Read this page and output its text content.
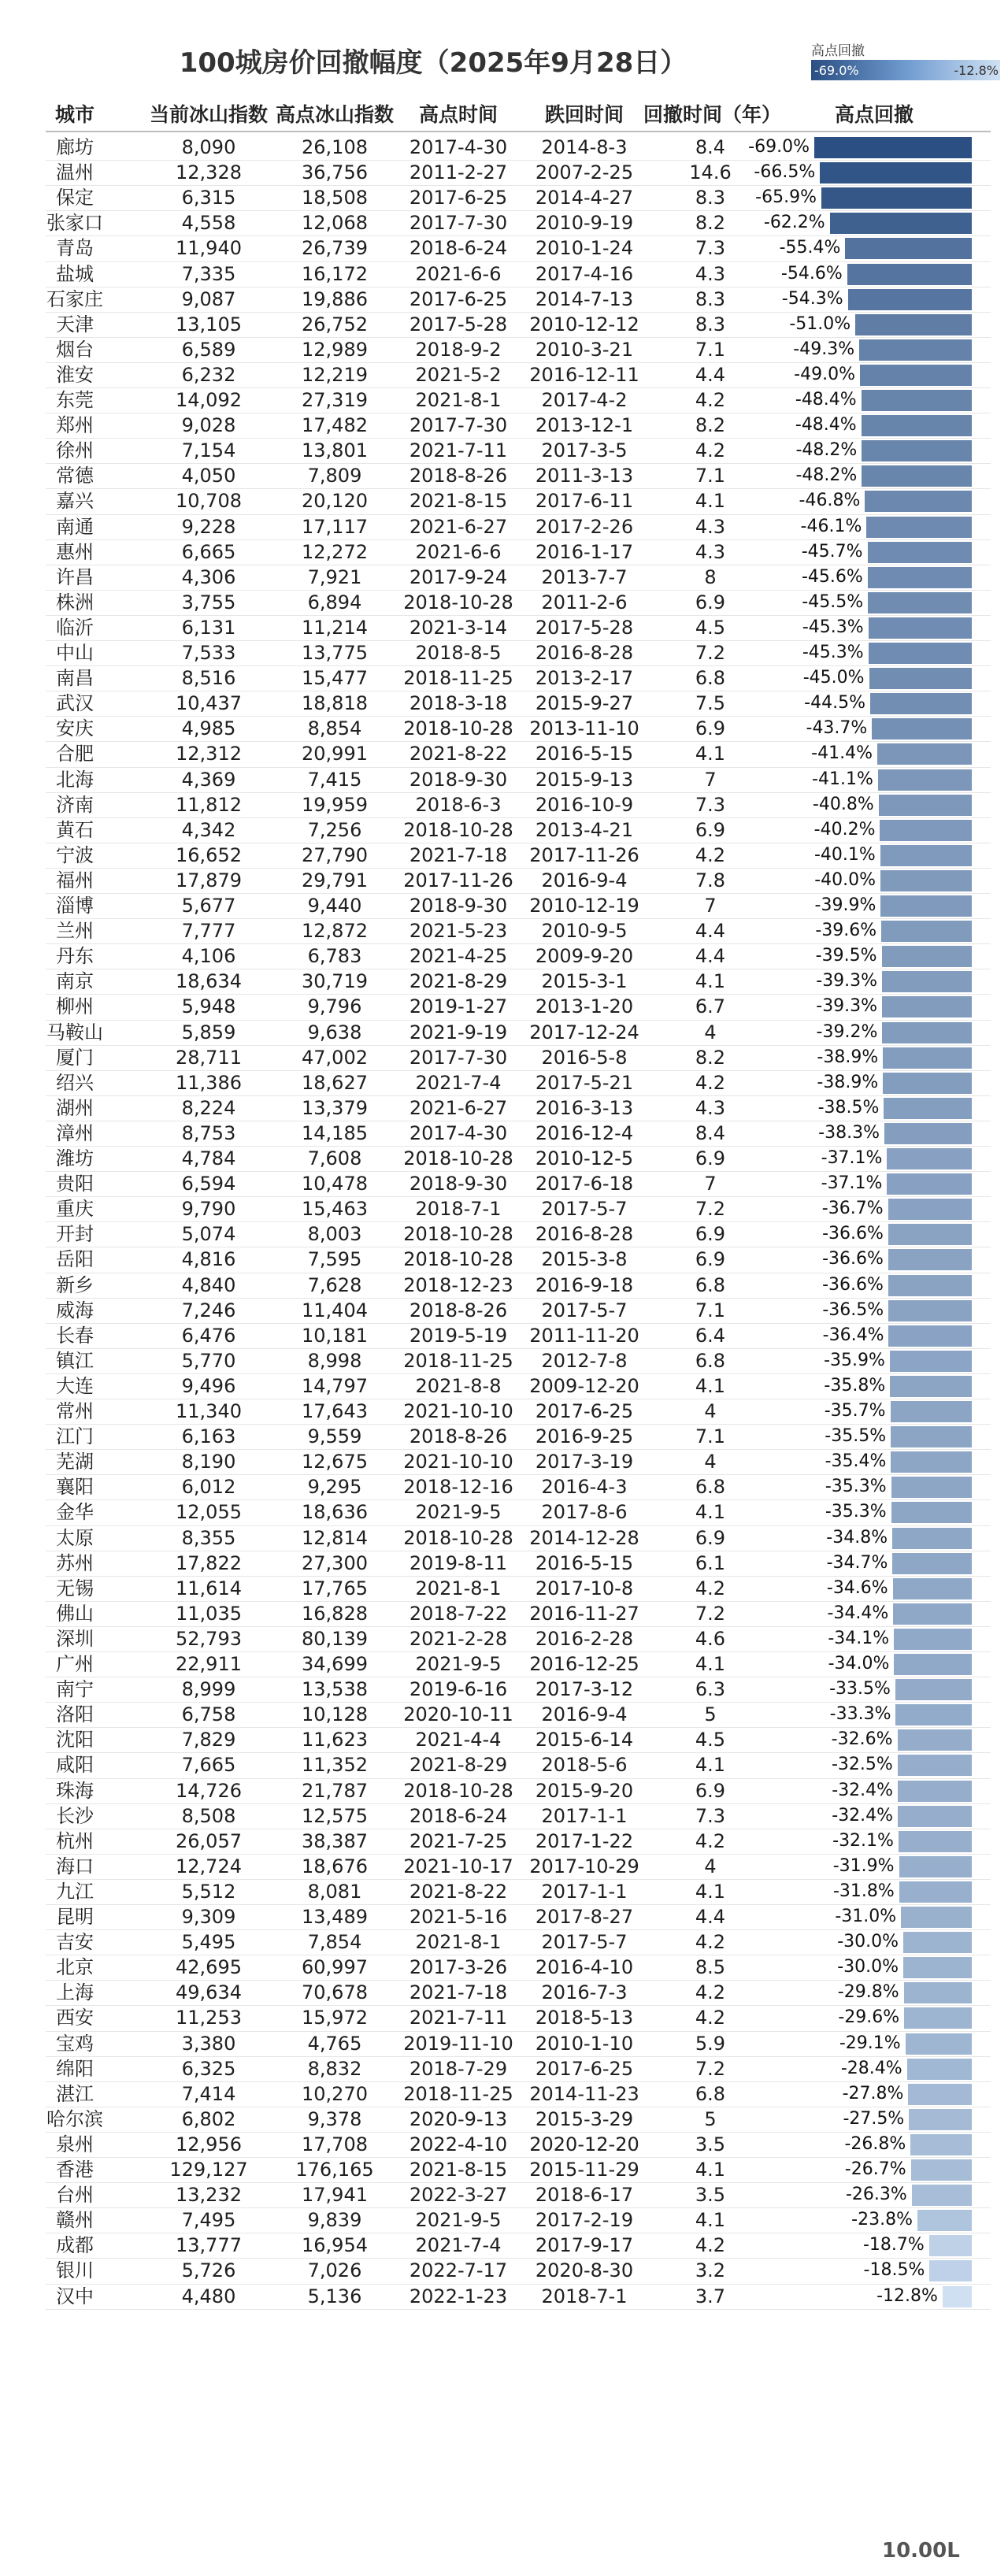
100城房价回撤幅度（2025年9月28日）	高点回撤
-69.0%	-12.8%
城市	当前冰山指数 高点冰山指数	高点时间	跌回时间	回撤时间（年）	高点回撤
廊坊	8,090	26,108	2017-4-30	2014-8-3	8.4	-69.0%
温州	12,328	36,756	2011-2-27	2007-2-25	14.6	-66.5%
保定	6,315	18,508	2017-6-25	2014-4-27	8.3	-65.9%
张家口	4,558	12,068	2017-7-30	2010-9-19	8.2	-62.2%
青岛	11,940	26,739	2018-6-24	2010-1-24	7.3	-55.4%
盐城	7,335	16,172	2021-6-6	2017-4-16	4.3	-54.6%
石家庄	9,087	19,886	2017-6-25	2014-7-13	8.3	-54.3%
天津	13,105	26,752	2017-5-28	2010-12-12	8.3	-51.0%
烟台	6,589	12,989	2018-9-2	2010-3-21	7.1	-49.3%
淮安	6,232	12,219	2021-5-2	2016-12-11	4.4	-49.0%
东莞	14,092	27,319	2021-8-1	2017-4-2	4.2	-48.4%
郑州	9,028	17,482	2017-7-30	2013-12-1	8.2	-48.4%
徐州	7,154	13,801	2021-7-11	2017-3-5	4.2	-48.2%
常德	4,050	7,809	2018-8-26	2011-3-13	7.1	-48.2%
嘉兴	10,708	20,120	2021-8-15	2017-6-11	4.1	-46.8%
南通	9,228	17,117	2021-6-27	2017-2-26	4.3	-46.1%
惠州	6,665	12,272	2021-6-6	2016-1-17	4.3	-45.7%
许昌	4,306	7,921	2017-9-24	2013-7-7	8	-45.6%
株洲	3,755	6,894	2018-10-28	2011-2-6	6.9	-45.5%
临沂	6,131	11,214	2021-3-14	2017-5-28	4.5	-45.3%
中山	7,533	13,775	2018-8-5	2016-8-28	7.2	-45.3%
南昌	8,516	15,477	2018-11-25	2013-2-17	6.8	-45.0%
武汉	10,437	18,818	2018-3-18	2015-9-27	7.5	-44.5%
安庆	4,985	8,854	2018-10-28 2013-11-10	6.9	-43.7%
合肥	12,312	20,991	2021-8-22	2016-5-15	4.1	-41.4%
北海	4,369	7,415	2018-9-30	2015-9-13	7	-41.1%
济南	11,812	19,959	2018-6-3	2016-10-9	7.3	-40.8%
黄石	4,342	7,256	2018-10-28	2013-4-21	6.9	-40.2%
宁波	16,652	27,790	2021-7-18	2017-11-26	4.2	-40.1%
福州	17,879	29,791	2017-11-26	2016-9-4	7.8	-40.0%
淄博	5,677	9,440	2018-9-30	2010-12-19	7	-39.9%
兰州	7,777	12,872	2021-5-23	2010-9-5	4.4	-39.6%
丹东	4,106	6,783	2021-4-25	2009-9-20	4.4	-39.5%
南京	18,634	30,719	2021-8-29	2015-3-1	4.1	-39.3%
柳州	5,948	9,796	2019-1-27	2013-1-20	6.7	-39.3%
马鞍山	5,859	9,638	2021-9-19	2017-12-24	4	-39.2%
厦门	28,711	47,002	2017-7-30	2016-5-8	8.2	-38.9%
绍兴	11,386	18,627	2021-7-4	2017-5-21	4.2	-38.9%
湖州	8,224	13,379	2021-6-27	2016-3-13	4.3	-38.5%
漳州	8,753	14,185	2017-4-30	2016-12-4	8.4	-38.3%
潍坊	4,784	7,608	2018-10-28	2010-12-5	6.9	-37.1%
贵阳	6,594	10,478	2018-9-30	2017-6-18	7	-37.1%
重庆	9,790	15,463	2018-7-1	2017-5-7	7.2	-36.7%
开封	5,074	8,003	2018-10-28	2016-8-28	6.9	-36.6%
岳阳	4,816	7,595	2018-10-28	2015-3-8	6.9	-36.6%
新乡	4,840	7,628	2018-12-23	2016-9-18	6.8	-36.6%
威海	7,246	11,404	2018-8-26	2017-5-7	7.1	-36.5%
长春	6,476	10,181	2019-5-19	2011-11-20	6.4	-36.4%
镇江	5,770	8,998	2018-11-25	2012-7-8	6.8	-35.9%
大连	9,496	14,797	2021-8-8	2009-12-20	4.1	-35.8%
常州	11,340	17,643	2021-10-10	2017-6-25	4	-35.7%
江门	6,163	9,559	2018-8-26	2016-9-25	7.1	-35.5%
芜湖	8,190	12,675	2021-10-10	2017-3-19	4	-35.4%
襄阳	6,012	9,295	2018-12-16	2016-4-3	6.8	-35.3%
金华	12,055	18,636	2021-9-5	2017-8-6	4.1	-35.3%
太原	8,355	12,814	2018-10-28 2014-12-28	6.9	-34.8%
苏州	17,822	27,300	2019-8-11	2016-5-15	6.1	-34.7%
无锡	11,614	17,765	2021-8-1	2017-10-8	4.2	-34.6%
佛山	11,035	16,828	2018-7-22	2016-11-27	7.2	-34.4%
深圳	52,793	80,139	2021-2-28	2016-2-28	4.6	-34.1%
广州	22,911	34,699	2021-9-5	2016-12-25	4.1	-34.0%
南宁	8,999	13,538	2019-6-16	2017-3-12	6.3	-33.5%
洛阳	6,758	10,128	2020-10-11	2016-9-4	5	-33.3%
沈阳	7,829	11,623	2021-4-4	2015-6-14	4.5	-32.6%
咸阳	7,665	11,352	2021-8-29	2018-5-6	4.1	-32.5%
珠海	14,726	21,787	2018-10-28	2015-9-20	6.9	-32.4%
长沙	8,508	12,575	2018-6-24	2017-1-1	7.3	-32.4%
杭州	26,057	38,387	2021-7-25	2017-1-22	4.2	-32.1%
海口	12,724	18,676	2021-10-17 2017-10-29	4	-31.9%
九江	5,512	8,081	2021-8-22	2017-1-1	4.1	-31.8%
昆明	9,309	13,489	2021-5-16	2017-8-27	4.4	-31.0%
吉安	5,495	7,854	2021-8-1	2017-5-7	4.2	-30.0%
北京	42,695	60,997	2017-3-26	2016-4-10	8.5	-30.0%
上海	49,634	70,678	2021-7-18	2016-7-3	4.2	-29.8%
西安	11,253	15,972	2021-7-11	2018-5-13	4.2	-29.6%
宝鸡	3,380	4,765	2019-11-10	2010-1-10	5.9	-29.1%
绵阳	6,325	8,832	2018-7-29	2017-6-25	7.2	-28.4%
湛江	7,414	10,270	2018-11-25 2014-11-23	6.8	-27.8%
哈尔滨	6,802	9,378	2020-9-13	2015-3-29	5	-27.5%
泉州	12,956	17,708	2022-4-10	2020-12-20	3.5	-26.8%
香港	129,127	176,165	2021-8-15	2015-11-29	4.1	-26.7%
台州	13,232	17,941	2022-3-27	2018-6-17	3.5	-26.3%
赣州	7,495	9,839	2021-9-5	2017-2-19	4.1	-23.8%
成都	13,777	16,954	2021-7-4	2017-9-17	4.2	-18.7%
银川	5,726	7,026	2022-7-17	2020-8-30	3.2	-18.5%
汉中	4,480	5,136	2022-1-23	2018-7-1	3.7	-12.8%
10.00L
